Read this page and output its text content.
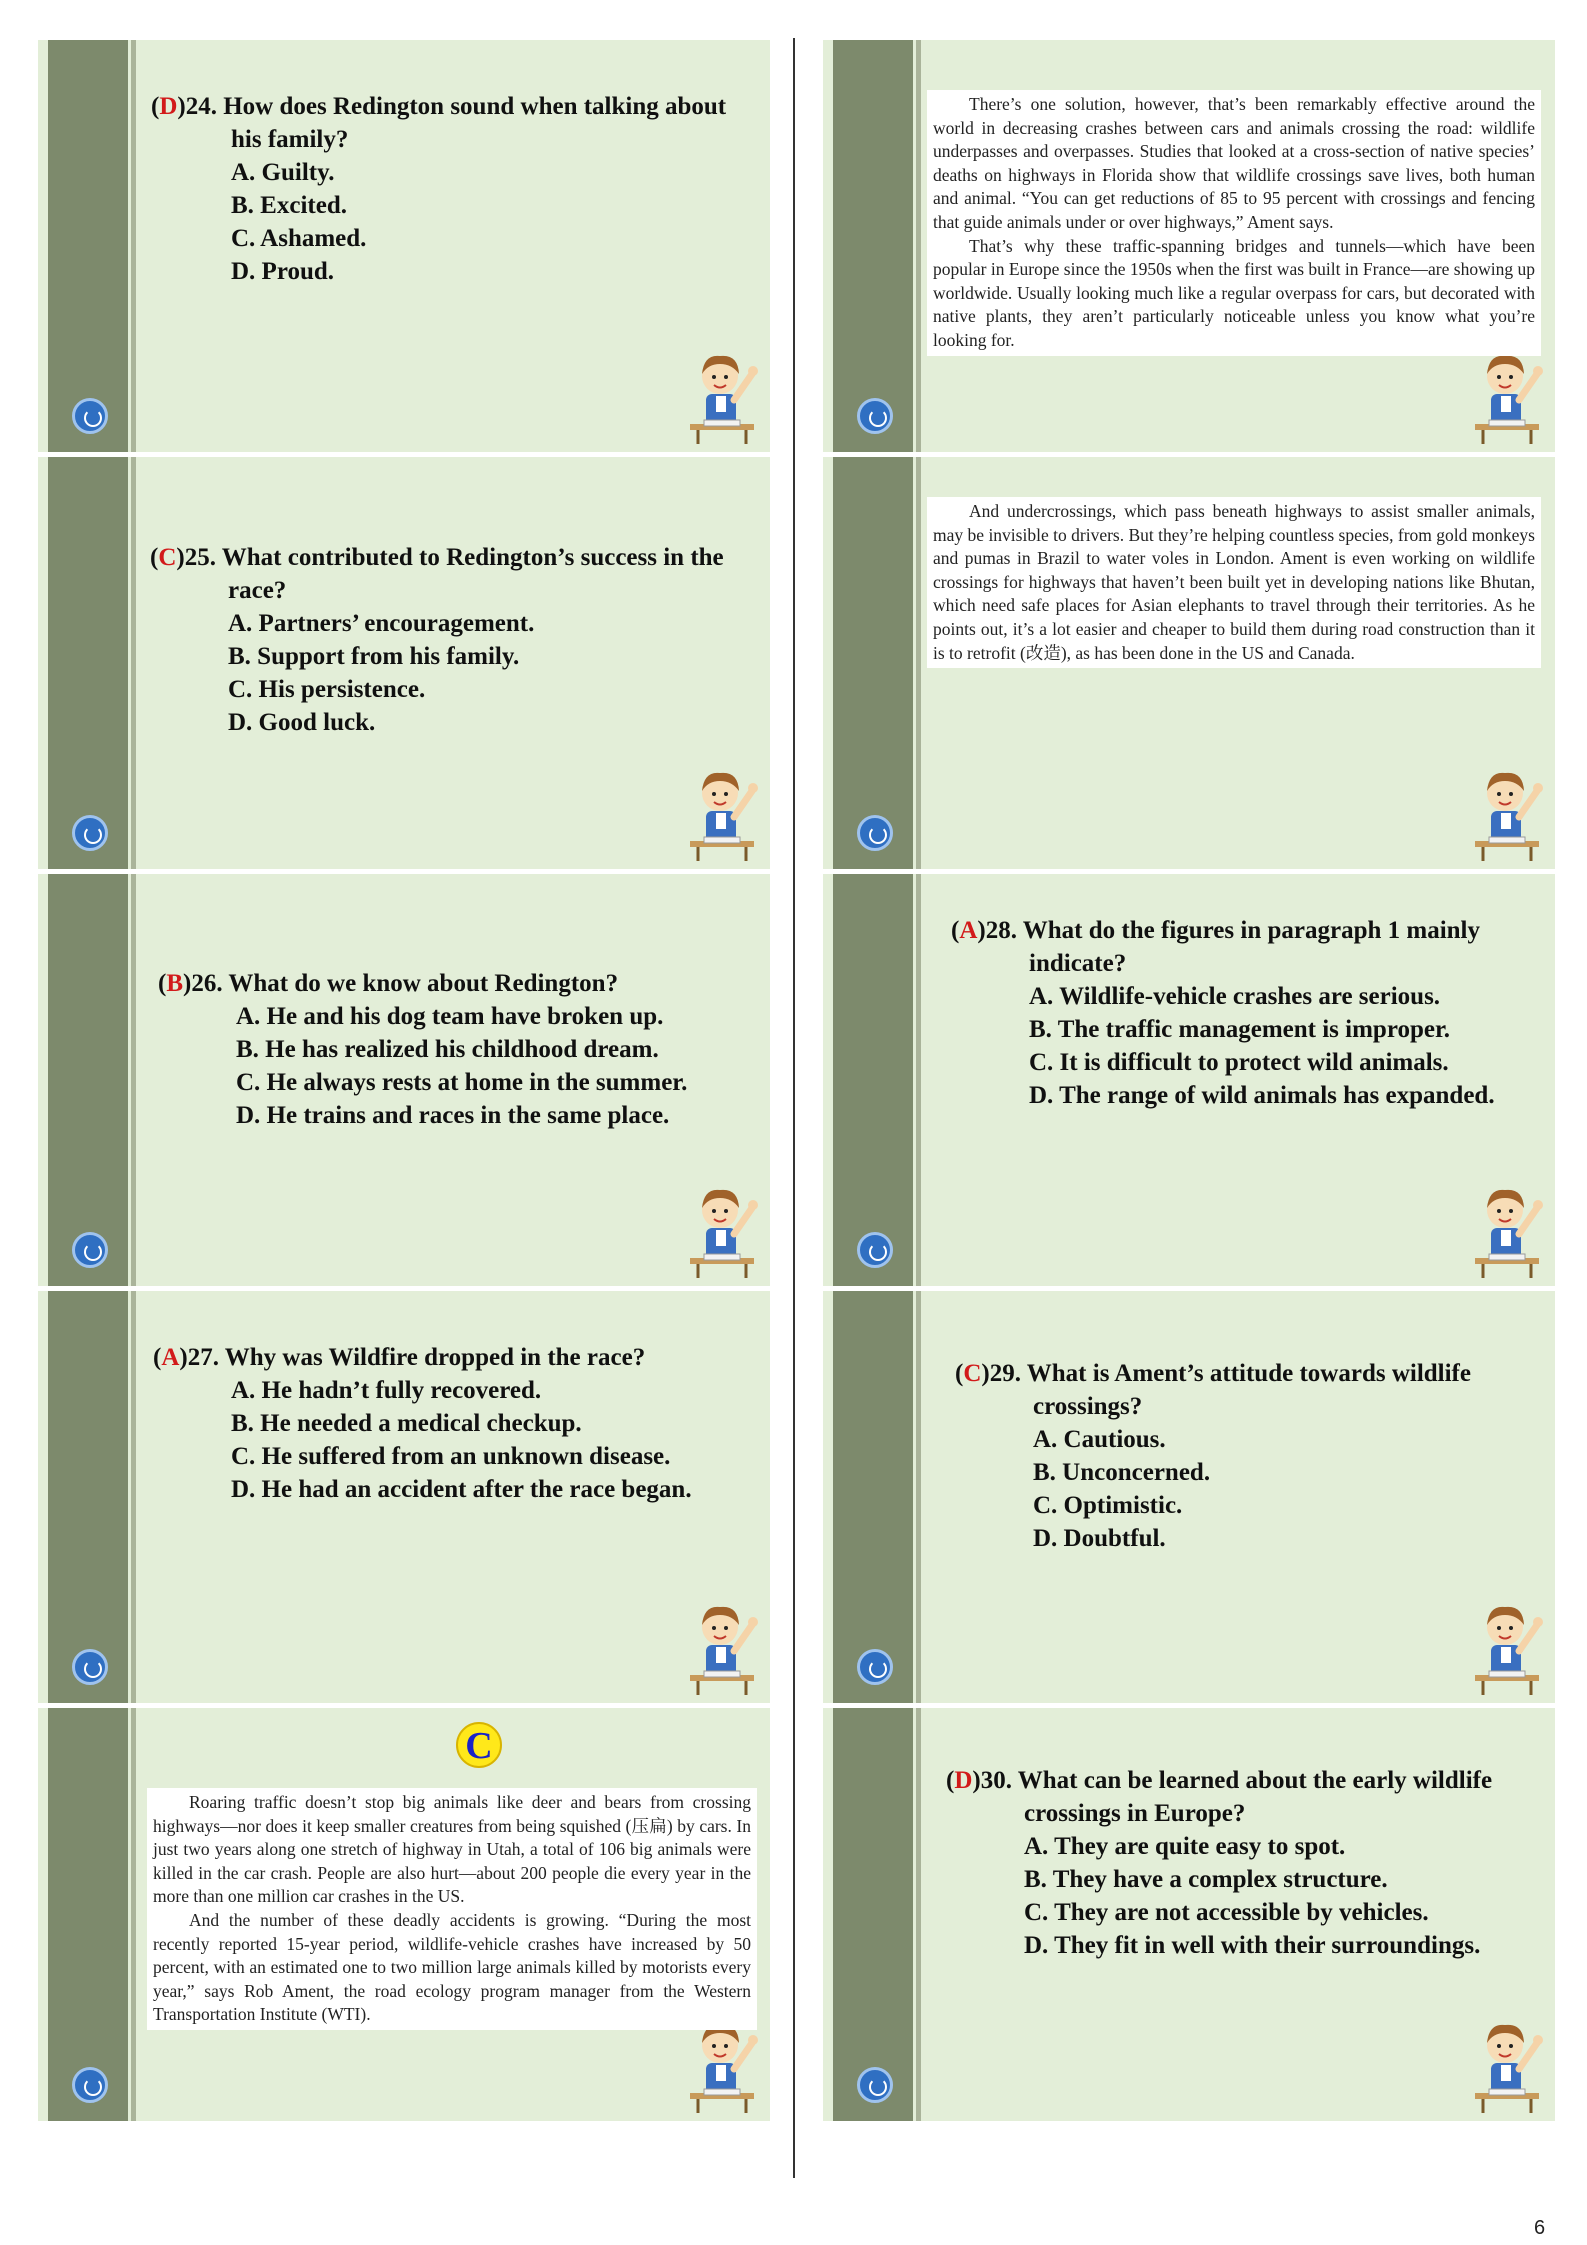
(D)24. How does Redington sound when talking about his family?

A. Guilty.

B. Excited.

C. Ashamed.

D. Proud.

(C)25. What contributed to Redington’s success in the race?

A. Partners’ encouragement.

B. Support from his family.

C. His persistence.

D. Good luck.

(B)26. What do we know about Redington?

A. He and his dog team have broken up.

B. He has realized his childhood dream.

C. He always rests at home in the summer.

D. He trains and races in the same place.

(A)27. Why was Wildfire dropped in the race?

A. He hadn’t fully recovered.

B. He needed a medical checkup.

C. He suffered from an unknown disease.

D. He had an accident after the race began.

C

Roaring traffic doesn’t stop big animals like deer and bears from crossing highways—nor does it keep smaller creatures from being squished (压扁) by cars. In just two years along one stretch of highway in Utah, a total of 106 big animals were killed in the car crash. People are also hurt—about 200 people die every year in the more than one million car crashes in the US.

And the number of these deadly accidents is growing. “During the most recently reported 15-year period, wildlife-vehicle crashes have increased by 50 percent, with an estimated one to two million large animals killed by motorists every year,” says Rob Ament, the road ecology program manager from the Western Transportation Institute (WTI).

There’s one solution, however, that’s been remarkably effective around the world in decreasing crashes between cars and animals crossing the road: wildlife underpasses and overpasses. Studies that looked at a cross-section of native species’ deaths on highways in Florida show that wildlife crossings save lives, both human and animal. “You can get reductions of 85 to 95 percent with crossings and fencing that guide animals under or over highways,” Ament says.

That’s why these traffic-spanning bridges and tunnels—which have been popular in Europe since the 1950s when the first was built in France—are showing up worldwide. Usually looking much like a regular overpass for cars, but decorated with native plants, they aren’t particularly noticeable unless you know what you’re looking for.

And undercrossings, which pass beneath highways to assist smaller animals, may be invisible to drivers. But they’re helping countless species, from gold monkeys and pumas in Brazil to water voles in London. Ament is even working on wildlife crossings for highways that haven’t been built yet in developing nations like Bhutan, which need safe places for Asian elephants to travel through their territories. As he points out, it’s a lot easier and cheaper to build them during road construction than it is to retrofit (改造), as has been done in the US and Canada.

(A)28. What do the figures in paragraph 1 mainly indicate?

A. Wildlife-vehicle crashes are serious.

B. The traffic management is improper.

C. It is difficult to protect wild animals.

D. The range of wild animals has expanded.

(C)29. What is Ament’s attitude towards wildlife crossings?

A. Cautious.

B. Unconcerned.

C. Optimistic.

D. Doubtful.

(D)30. What can be learned about the early wildlife crossings in Europe?

A. They are quite easy to spot.

B. They have a complex structure.

C. They are not accessible by vehicles.

D. They fit in well with their surroundings.

6
